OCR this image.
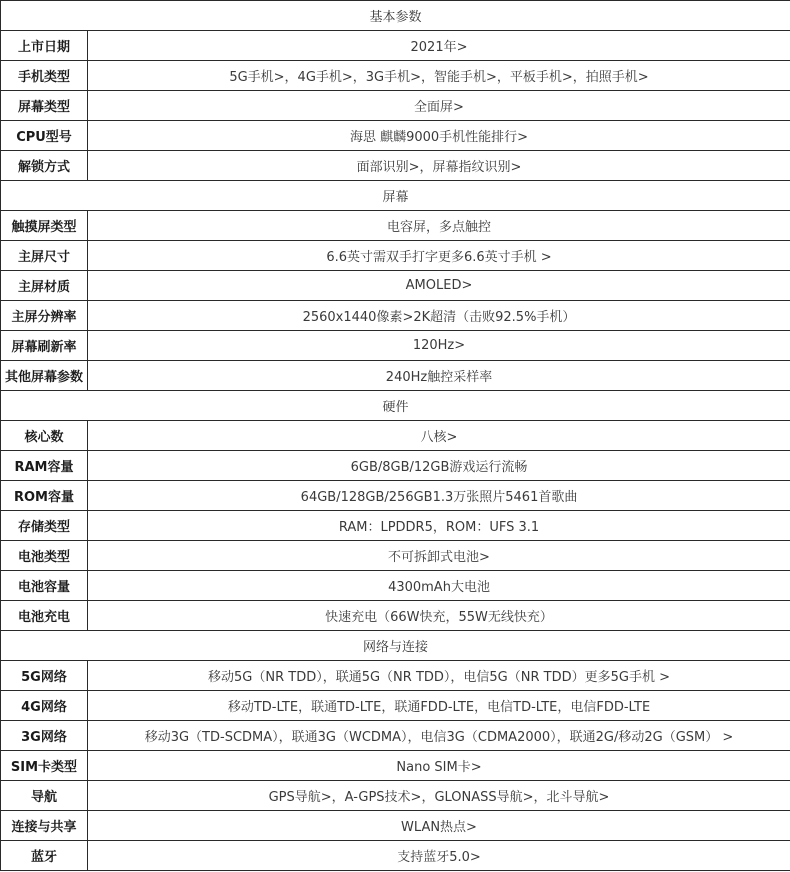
基本参数	
上市日期	2021年>
手机类型	5G手机>，4G手机>，3G手机>，智能手机>，平板手机>，拍照手机>
屏幕类型	全面屏>
CPU型号	海思 麒麟9000手机性能排行>
解锁方式	面部识别>，屏幕指纹识别>
屏幕	
触摸屏类型	电容屏，多点触控
主屏尺寸	6.6英寸需双手打字更多6.6英寸手机 >
主屏材质	AMOLED>
主屏分辨率	2560x1440像素>2K超清（击败92.5%手机）
屏幕刷新率	120Hz>
其他屏幕参数	240Hz触控采样率
硬件	
核心数	八核>
RAM容量	6GB/8GB/12GB游戏运行流畅
ROM容量	64GB/128GB/256GB1.3万张照片5461首歌曲
存储类型	RAM：LPDDR5，ROM：UFS 3.1
电池类型	不可拆卸式电池>
电池容量	4300mAh大电池
电池充电	快速充电（66W快充，55W无线快充）
网络与连接	
5G网络	移动5G（NR TDD），联通5G（NR TDD），电信5G（NR TDD）更多5G手机 >
4G网络	移动TD-LTE，联通TD-LTE，联通FDD-LTE，电信TD-LTE，电信FDD-LTE
3G网络	移动3G（TD-SCDMA），联通3G（WCDMA），电信3G（CDMA2000），联通2G/移动2G（GSM） >
SIM卡类型	Nano SIM卡>
导航	GPS导航>，A-GPS技术>，GLONASS导航>，北斗导航>
连接与共享	WLAN热点>
蓝牙	支持蓝牙5.0>
